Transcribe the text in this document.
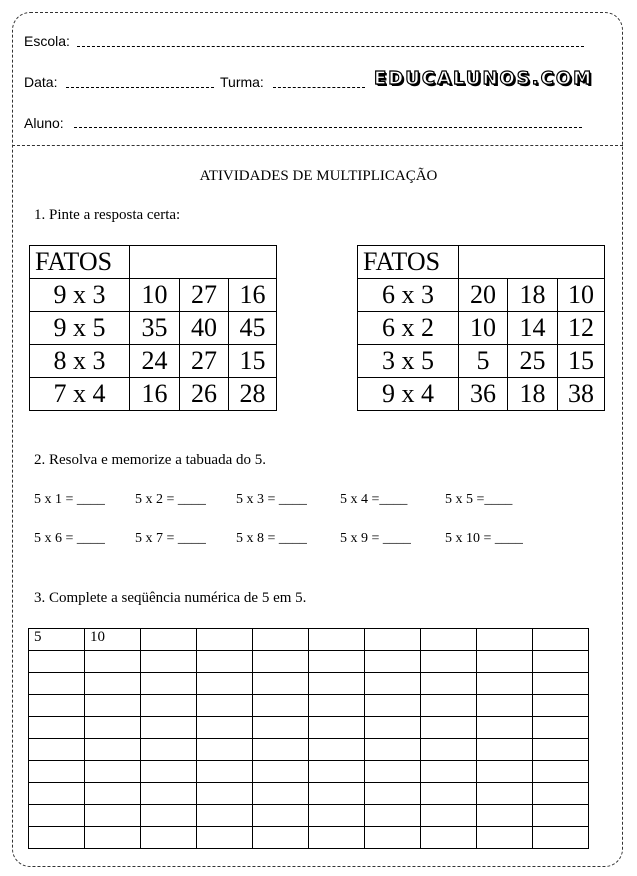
Escola:
Data:	Turma:	EDUCALUNOS.COM
Aluno:
ATIVIDADES DE MULTIPLICAÇÃO
1. Pinte a resposta certa:
FATOS			
9 x 3	10	27	16
9 x 5	35	40	45
8 x 3	24	27	15
7 x 4	16	26	28
FATOS			
6 x 3	20	18	10
6 x 2	10	14	12
3 x 5	5	25	15
9 x 4	36	18	38
2. Resolva e memorize a tabuada do 5.
5 x 1 = ____ 5 x 2 = ____ 5 x 3 = ____ 5 x 4 =____	5 x 5 =____
5 x 6 = ____ 5 x 7 = ____ 5 x 8 = ____ 5 x 9 = ____ 5 x 10 = ____
3. Complete a seqüência numérica de 5 em 5.
5	10								
